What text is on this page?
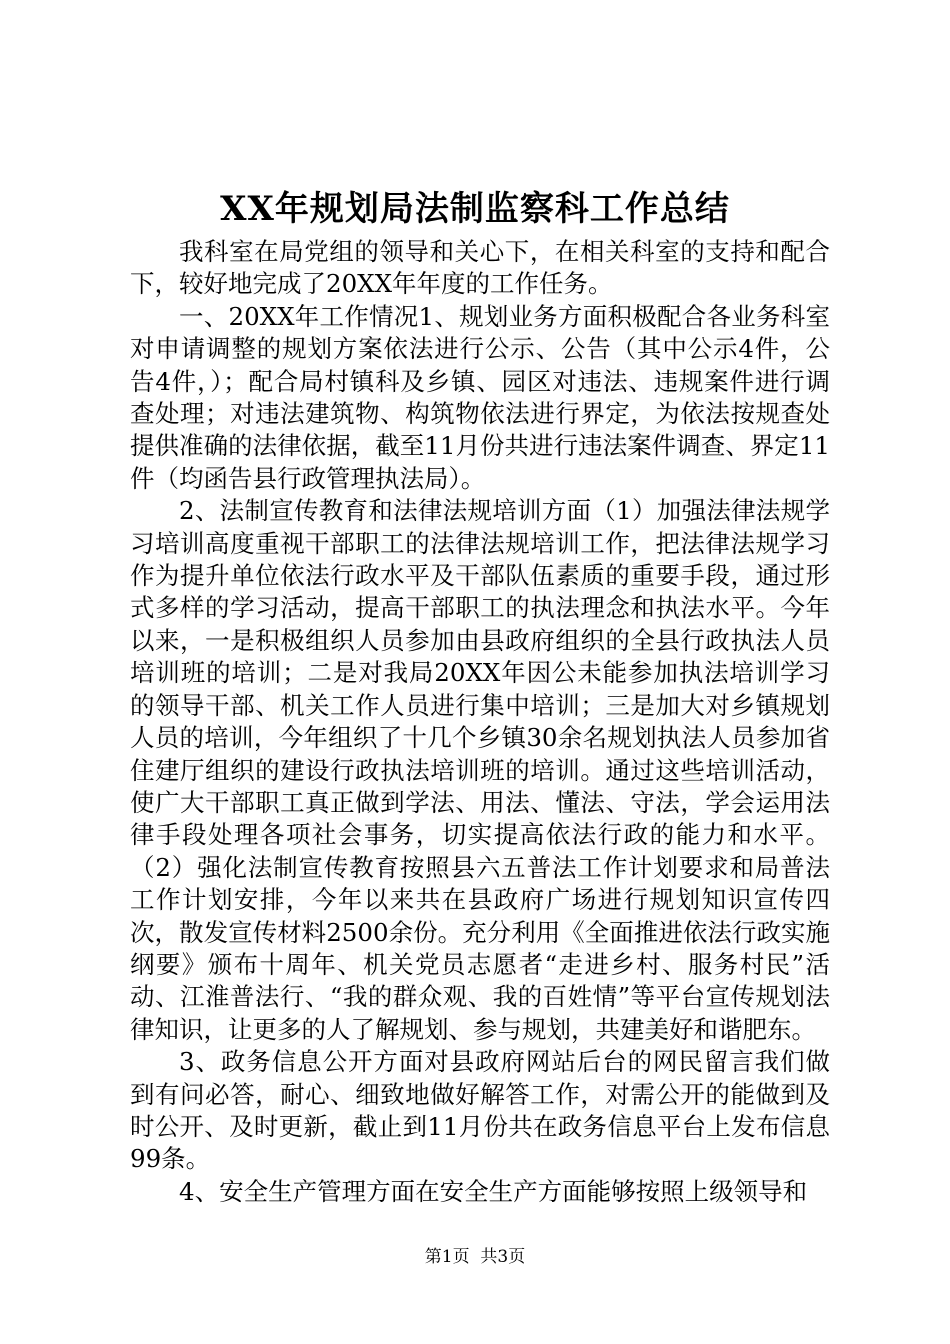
XX年规划局法制监察科工作总结

我科室在局党组的领导和关心下，在相关科室的支持和配合下，较好地完成了20XX年年度的工作任务。

一、20XX年工作情况1、规划业务方面积极配合各业务科室对申请调整的规划方案依法进行公示、公告（其中公示4件，公告4件，）；配合局村镇科及乡镇、园区对违法、违规案件进行调查处理；对违法建筑物、构筑物依法进行界定，为依法按规查处提供准确的法律依据，截至11月份共进行违法案件调查、界定11件（均函告县行政管理执法局）。

2、法制宣传教育和法律法规培训方面（1）加强法律法规学习培训高度重视干部职工的法律法规培训工作，把法律法规学习作为提升单位依法行政水平及干部队伍素质的重要手段，通过形式多样的学习活动，提高干部职工的执法理念和执法水平。今年以来，一是积极组织人员参加由县政府组织的全县行政执法人员培训班的培训；二是对我局20XX年因公未能参加执法培训学习的领导干部、机关工作人员进行集中培训；三是加大对乡镇规划人员的培训，今年组织了十几个乡镇30余名规划执法人员参加省住建厅组织的建设行政执法培训班的培训。通过这些培训活动，使广大干部职工真正做到学法、用法、懂法、守法，学会运用法律手段处理各项社会事务，切实提高依法行政的能力和水平。（2）强化法制宣传教育按照县六五普法工作计划要求和局普法工作计划安排，今年以来共在县政府广场进行规划知识宣传四次，散发宣传材料2500余份。充分利用《全面推进依法行政实施纲要》颁布十周年、机关党员志愿者“走进乡村、服务村民”活动、江淮普法行、“我的群众观、我的百姓情”等平台宣传规划法律知识，让更多的人了解规划、参与规划，共建美好和谐肥东。

3、政务信息公开方面对县政府网站后台的网民留言我们做到有问必答，耐心、细致地做好解答工作，对需公开的能做到及时公开、及时更新，截止到11月份共在政务信息平台上发布信息99条。

4、安全生产管理方面在安全生产方面能够按照上级领导和

第1页  共3页
